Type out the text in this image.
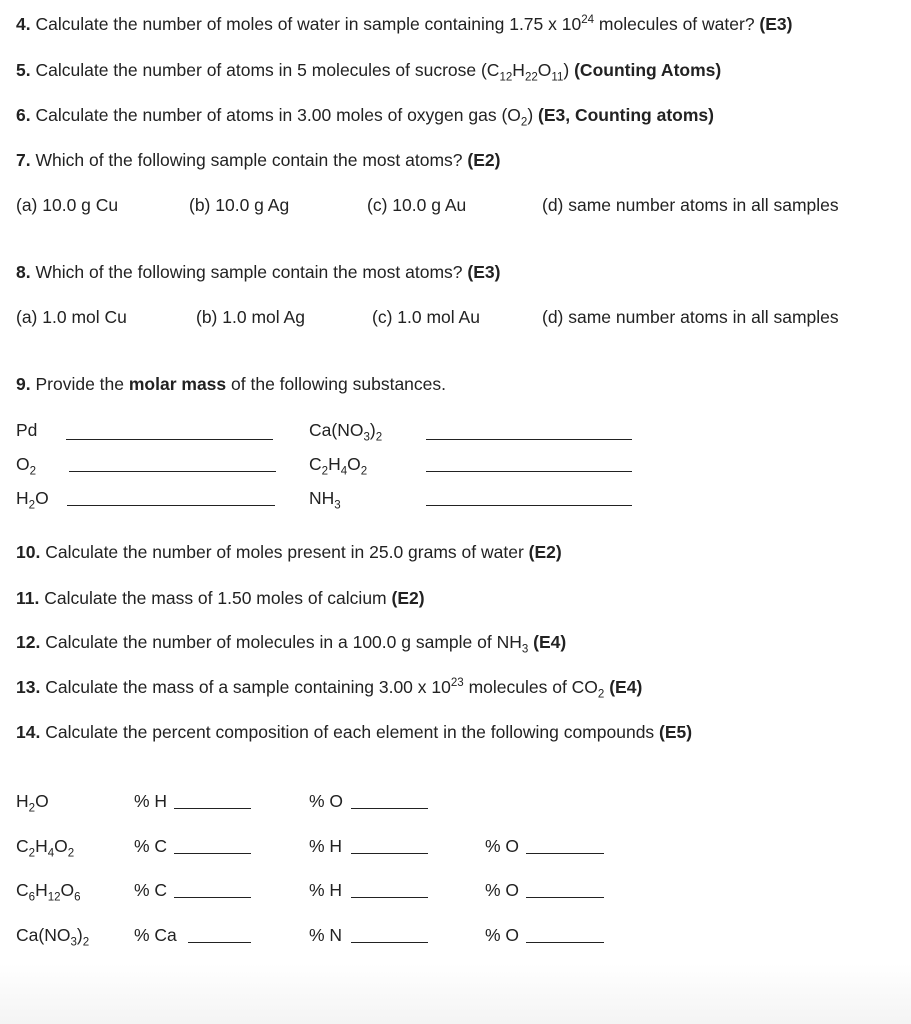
4. Calculate the number of moles of water in sample containing 1.75 x $10^{24}$ molecules of water? (E3)
5. Calculate the number of atoms in 5 molecules of sucrose $(C_{12}H_{22}O_{11})$ (Counting Atoms)
6. Calculate the number of atoms in 3.00 moles of oxygen gas $(O_2)$ (E3, Counting atoms)
7. Which of the following sample contain the most atoms? (E2)
(a) 10.0 g Cu	(b) 10.0 g Ag	(c) 10.0 g Au	(d) same number atoms in all samples
8. Which of the following sample contain the most atoms? (E3)
(a) 1.0 mol Cu	(b) 1.0 mol Ag	(c) 1.0 mol Au	(d) same number atoms in all samples
9. Provide the molar mass of the following substances.
Pd
$O_2$
$H_2O$
$Ca(NO_3)_2$
$C_2H_4O_2$
$NH_3$
10. Calculate the number of moles present in 25.0 grams of water (E2)
11. Calculate the mass of 1.50 moles of calcium (E2)
12. Calculate the number of molecules in a 100.0 g sample of $NH_3$ (E4)
13. Calculate the mass of a sample containing 3.00 x $10^{23}$ molecules of $CO_2$ (E4)
14. Calculate the percent composition of each element in the following compounds (E5)
$H_2O$	% H	% O
$C_2H_4O_2$	% C	% H	% O
$C_6H_{12}O_6$	% C	% H	% O
$Ca(NO_3)_2$	% Ca	% N	% O
